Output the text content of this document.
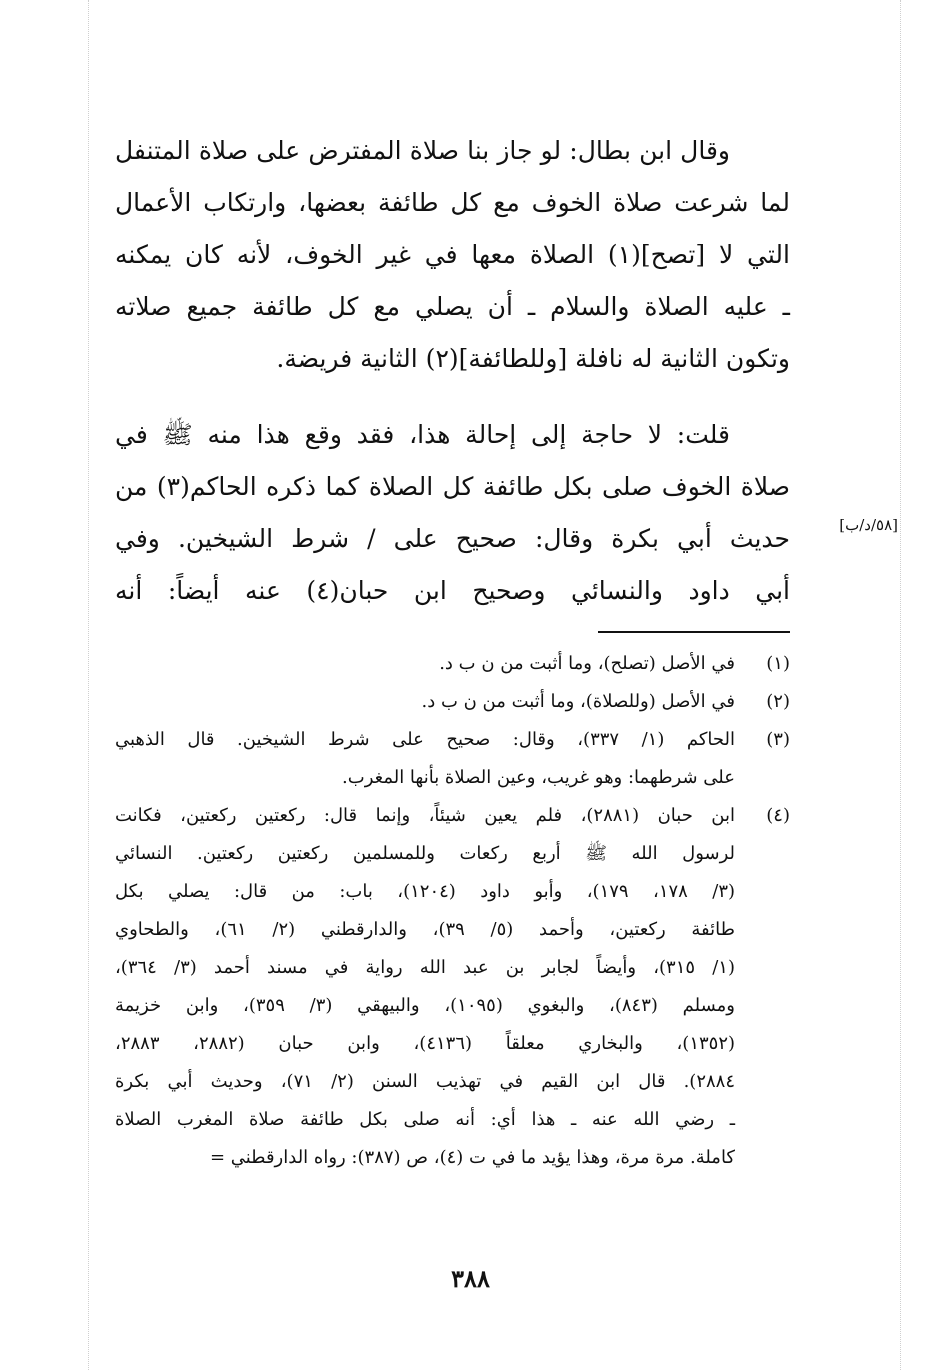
وقال ابن بطال: لو جاز بنا صلاة المفترض على صلاة المتنفل
لما شرعت صلاة الخوف مع كل طائفة بعضها، وارتكاب الأعمال
التي لا [تصح](١) الصلاة معها في غير الخوف، لأنه كان يمكنه
ـ عليه الصلاة والسلام ـ أن يصلي مع كل طائفة جميع صلاته
وتكون الثانية له نافلة [وللطائفة](٢) الثانية فريضة.
قلت: لا حاجة إلى إحالة هذا، فقد وقع هذا منه ﷺ في
صلاة الخوف صلى بكل طائفة كل الصلاة كما ذكره الحاكم(٣) من
حديث أبي بكرة وقال: صحيح على / شرط الشيخين. وفي
أبي داود والنسائي وصحيح ابن حبان(٤) عنه أيضاً: أنه
[٥٨/د/ب]
(١)
في الأصل (تصلح)، وما أثبت من ن ب د.
(٢)
في الأصل (وللصلاة)، وما أثبت من ن ب د.
(٣)
الحاكم (١/ ٣٣٧)، وقال: صحيح على شرط الشيخين. قال الذهبي
على شرطهما: وهو غريب، وعين الصلاة بأنها المغرب.
(٤)
ابن حبان (٢٨٨١)، فلم يعين شيئاً، وإنما قال: ركعتين ركعتين، فكانت
لرسول الله ﷺ أربع ركعات وللمسلمين ركعتين ركعتين. النسائي
(٣/ ١٧٨، ١٧٩)، وأبو داود (١٢٠٤)، باب: من قال: يصلي بكل
طائفة ركعتين، وأحمد (٥/ ٣٩)، والدارقطني (٢/ ٦١)، والطحاوي
(١/ ٣١٥)، وأيضاً لجابر بن عبد الله رواية في مسند أحمد (٣/ ٣٦٤)،
ومسلم (٨٤٣)، والبغوي (١٠٩٥)، والبيهقي (٣/ ٣٥٩)، وابن خزيمة
(١٣٥٢)، والبخاري معلقاً (٤١٣٦)، وابن حبان (٢٨٨٢، ٢٨٨٣،
٢٨٨٤). قال ابن القيم في تهذيب السنن (٢/ ٧١)، وحديث أبي بكرة
ـ رضي الله عنه ـ هذا أي: أنه صلى بكل طائفة صلاة المغرب الصلاة
كاملة. مرة مرة، وهذا يؤيد ما في ت (٤)، ص (٣٨٧): رواه الدارقطني =
٣٨٨
